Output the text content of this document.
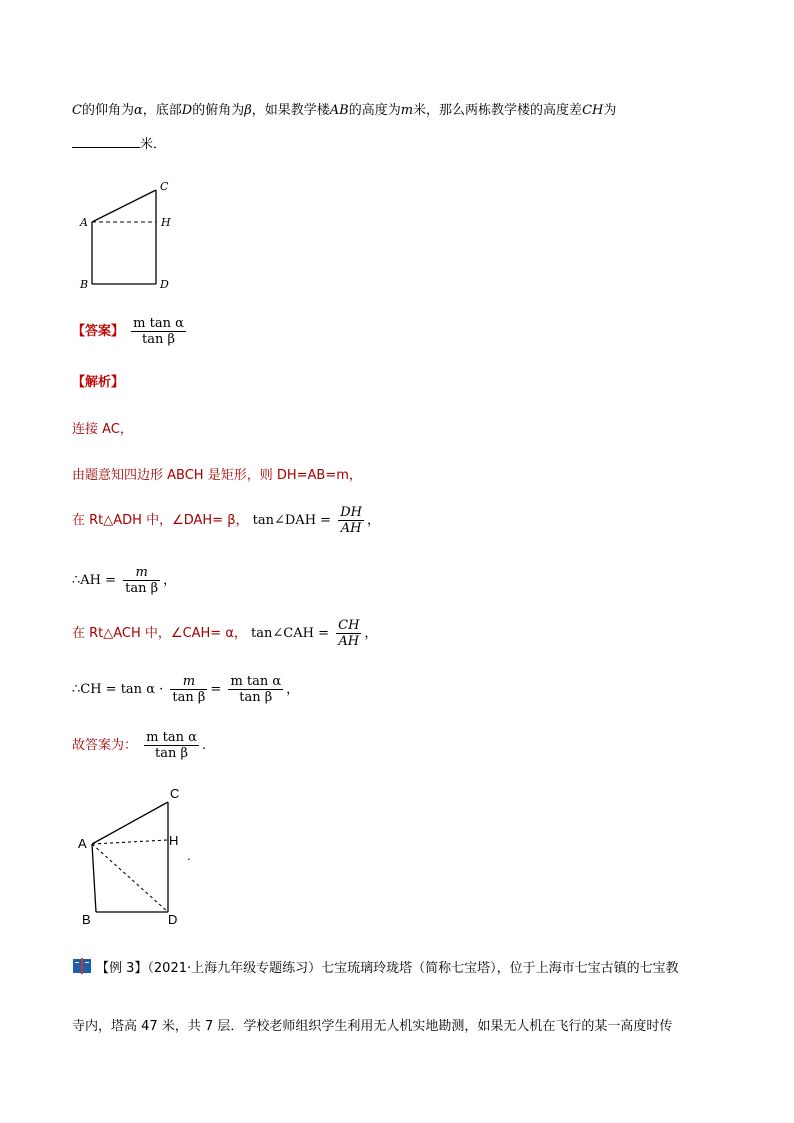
C的仰角为α，底部D的俯角为β，如果教学楼AB的高度为m米，那么两栋教学楼的高度差CH为
米．
A
B
C
D
H
【答案】 $\frac{\text{m tan α}}{\text{tan β}}$
【解析】
连接 AC，
由题意知四边形 ABCH 是矩形，则 DH=AB=m，
在 Rt△ADH 中，∠DAH= β， tan∠DAH = $\frac{DH}{AH}$ ，
∴AH = $\frac{m}{\text{tan β}}$ ，
在 Rt△ACH 中，∠CAH= α， tan∠CAH = $\frac{CH}{AH}$ ，
∴CH = $\tan \alpha \cdot \frac{m}{\text{tan β}} = \frac{\text{m tan α}}{\text{tan β}}$ ，
故答案为： $\frac{\text{m tan α}}{\text{tan β}}$ .
A
B
C
D
H
.
【例 3】（2021·上海九年级专题练习）七宝琉璃玲珑塔（简称七宝塔），位于上海市七宝古镇的七宝教
寺内，塔高 47 米，共 7 层．学校老师组织学生利用无人机实地勘测，如果无人机在飞行的某一高度时传
